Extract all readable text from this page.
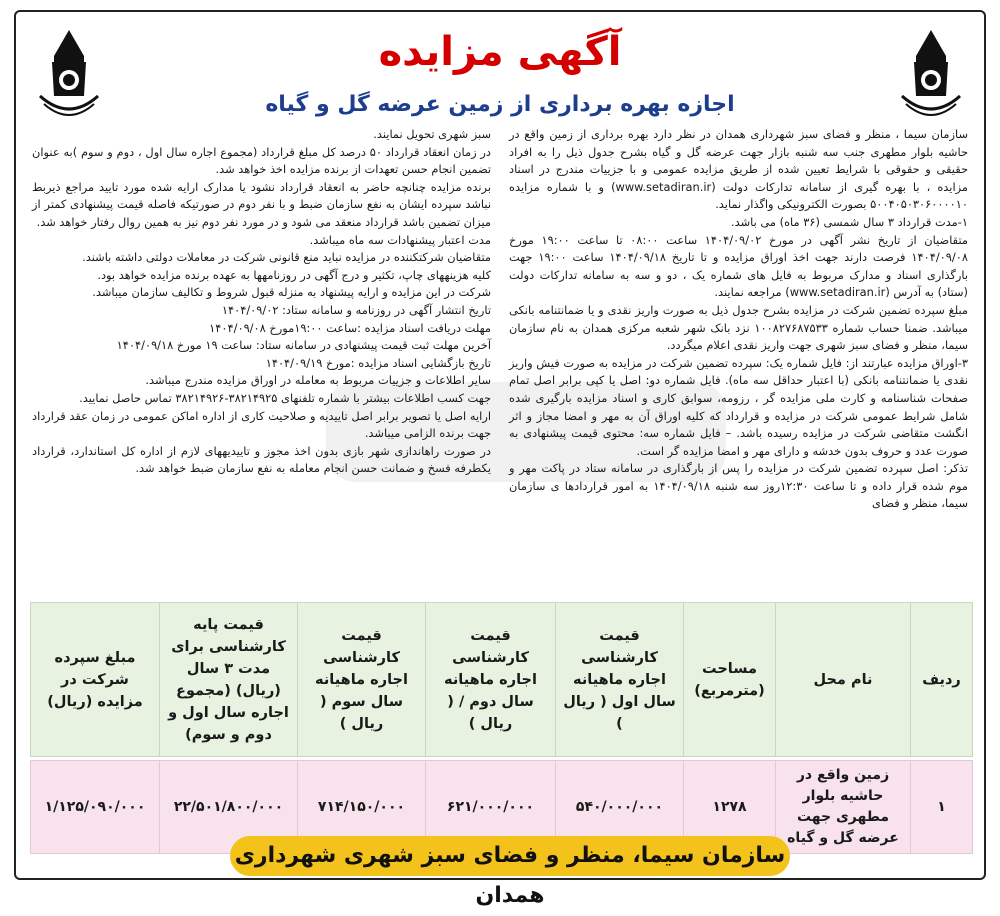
آگهی مزایده
اجازه بهره برداری از زمین عرضه گل و گیاه

سازمان سیما ، منظر و فضای سبز شهرداری همدان در نظر دارد بهره برداری از زمین واقع در حاشیه بلوار مطهری جنب سه شنبه بازار جهت عرضه گل و گیاه بشرح جدول ذیل را به افراد حقیقی و حقوقی با شرایط تعیین شده از طریق مزایده عمومی و با جزییات مندرج در اسناد مزایده ، با بهره گیری از سامانه تدارکات دولت (www.setadiran.ir) و با شماره مزایده ۵۰۰۴۰۵۰۳۰۶۰۰۰۰۱۰ بصورت الکترونیکی واگذار نماید.

۱-مدت قرارداد ۳ سال شمسی (۳۶ ماه) می باشد.

متقاضیان از تاریخ نشر آگهی در مورخ ۱۴۰۴/۰۹/۰۲ ساعت ۰۸:۰۰ تا ساعت ۱۹:۰۰ مورخ ۱۴۰۴/۰۹/۰۸ فرصت دارند جهت اخذ اوراق مزایده و تا تاریخ ۱۴۰۴/۰۹/۱۸ ساعت ۱۹:۰۰ جهت بارگذاری اسناد و مدارک مربوط به فایل های شماره یک ، دو و سه به سامانه تدارکات دولت (ستاد) به آدرس (www.setadiran.ir) مراجعه نمایند.

مبلغ سپرده تضمین شرکت در مزایده بشرح جدول ذیل به صورت واریز نقدی و یا ضمانتنامه بانکی میباشد. ضمنا حساب شماره ۱۰۰۸۲۷۶۸۷۵۳۳ نزد بانک شهر شعبه مرکزی همدان به نام سازمان سیما، منظر و فضای سبز شهری جهت واریز نقدی اعلام میگردد.

۳-اوراق مزایده عبارتند از: فایل شماره یک: سپرده تضمین شرکت در مزایده به صورت فیش واریز نقدی یا ضمانتنامه بانکی (با اعتبار حداقل سه ماه). فایل شماره دو: اصل یا کپی برابر اصل تمام صفحات شناسنامه و کارت ملی مزایده گر ، رزومه، سوابق کاری و اسناد مزایده بارگیری شده شامل شرایط عمومی شرکت در مزایده و قرارداد که کلیه اوراق آن به مهر و امضا مجاز و اثر انگشت متقاضی شرکت در مزایده رسیده باشد. – فایل شماره سه: محتوی قیمت پیشنهادی به صورت عدد و حروف بدون خدشه و دارای مهر و امضا مزایده گر است.

تذکر: اصل سپرده تضمین شرکت در مزایده را پس از بارگذاری در سامانه ستاد در پاکت مهر و موم شده قرار داده و تا ساعت ۱۲:۳۰روز سه شنبه ۱۴۰۴/۰۹/۱۸ به امور قراردادها ی سازمان سیما، منظر و فضای

سبز شهری تحویل نمایند.

در زمان انعقاد قرارداد ۵۰ درصد کل مبلغ قرارداد (مجموع اجاره سال اول ، دوم و سوم )به عنوان تضمین انجام حسن تعهدات از برنده مزایده اخذ خواهد شد.

برنده مزایده چنانچه حاضر به انعقاد قرارداد نشود یا مدارک ارایه شده مورد تایید مراجع ذیربط نباشد سپرده ایشان به نفع سازمان ضبط و با نفر دوم در صورتیکه فاصله قیمت پیشنهادی کمتر از میزان تضمین باشد قرارداد منعقد می شود و در مورد نفر دوم نیز به همین روال رفتار خواهد شد.

مدت اعتبار پیشنهادات سه ماه میباشد.

متقاضیان شرکتکننده در مزایده نباید منع قانونی شرکت در معاملات دولتی داشته باشند.

کلیه هزینههای چاپ، تکثیر و درج آگهی در روزنامهها به عهده برنده مزایده خواهد بود.

شرکت در این مزایده و ارایه پیشنهاد به منزله قبول شروط و تکالیف سازمان میباشد.

تاریخ انتشار آگهی در روزنامه و سامانه ستاد: ۱۴۰۴/۰۹/۰۲

مهلت دریافت اسناد مزایده :ساعت ۱۹:۰۰مورخ ۱۴۰۴/۰۹/۰۸

آخرین مهلت ثبت قیمت پیشنهادی در سامانه ستاد: ساعت ۱۹ مورخ ۱۴۰۴/۰۹/۱۸

تاریخ بازگشایی اسناد مزایده :مورخ ۱۴۰۴/۰۹/۱۹

سایر اطلاعات و جزییات مربوط به معامله در اوراق مزایده مندرج میباشد.

جهت کسب اطلاعات بیشتر با شماره تلفنهای ۳۸۲۱۴۹۲۵-۳۸۲۱۴۹۲۶ تماس حاصل نمایید.

ارایه اصل یا تصویر برابر اصل تاییدیه و صلاحیت کاری از اداره اماکن عمومی در زمان عقد قرارداد جهت برنده الزامی میباشد.

در صورت راهاندازی شهر بازی بدون اخذ مجوز و تاییدیههای لازم از اداره کل استاندارد، قرارداد یکطرفه فسخ و ضمانت حسن انجام معامله به نفع سازمان ضبط خواهد شد.

ردیف	نام محل	مساحت (مترمربع)	قیمت کارشناسی اجاره ماهیانه سال اول ( ریال )	قیمت کارشناسی اجاره ماهیانه سال دوم / ( ریال )	قیمت کارشناسی اجاره ماهیانه سال سوم ( ریال )	قیمت پایه کارشناسی برای مدت ۳ سال (ریال) (مجموع اجاره سال اول و دوم و سوم)	مبلغ سپرده شرکت در مزایده (ریال)

۱	زمین واقع در حاشیه بلوار مطهری جهت عرضه گل و گیاه	۱۲۷۸	۵۴۰/۰۰۰/۰۰۰	۶۲۱/۰۰۰/۰۰۰	۷۱۴/۱۵۰/۰۰۰	۲۲/۵۰۱/۸۰۰/۰۰۰	۱/۱۲۵/۰۹۰/۰۰۰
سازمان سیما، منظر و فضای سبز شهری شهرداری همدان
